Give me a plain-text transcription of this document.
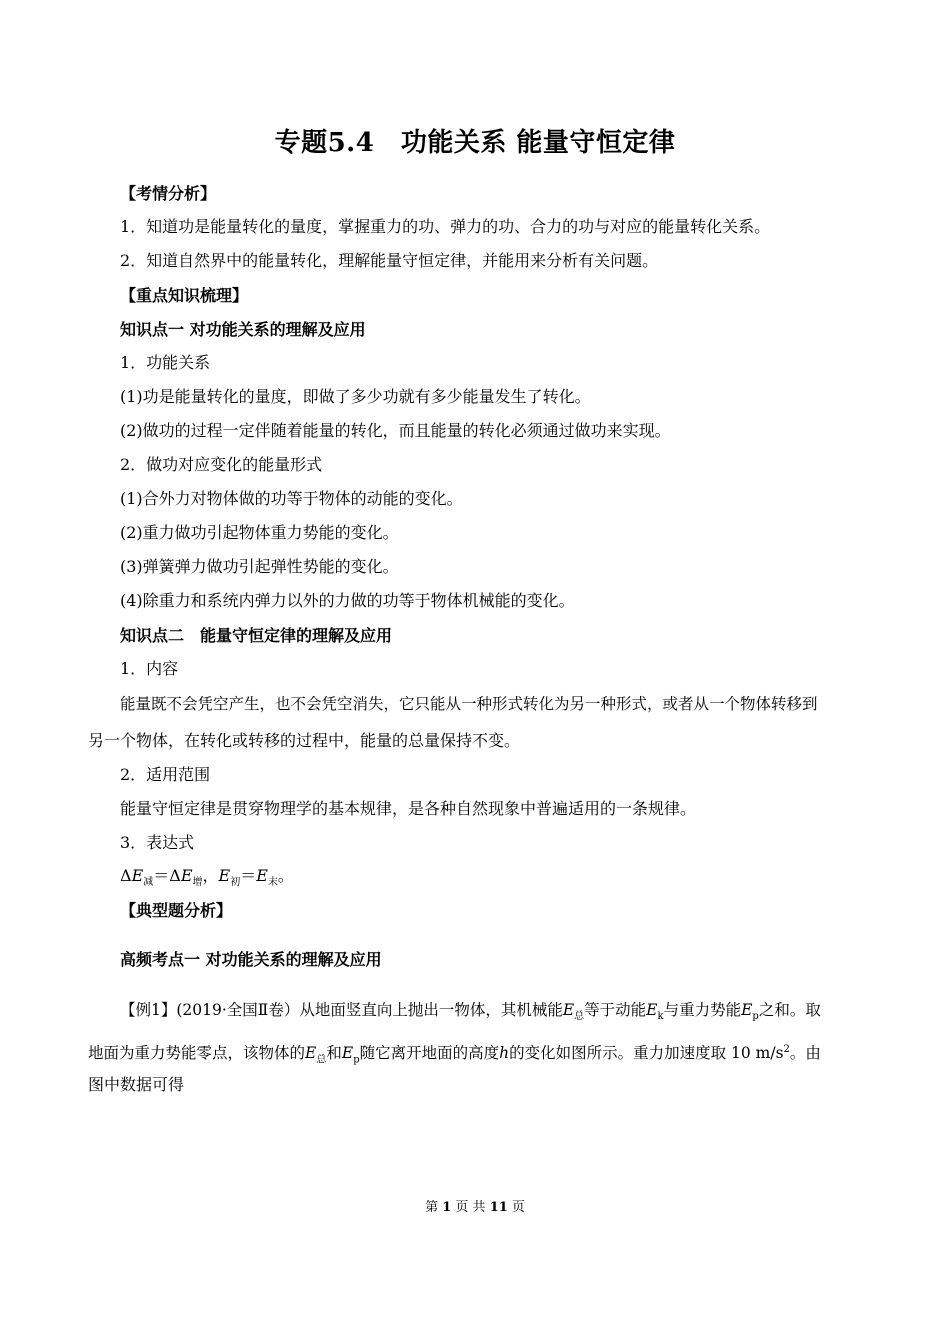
专题5.4　功能关系 能量守恒定律
【考情分析】
1．知道功是能量转化的量度，掌握重力的功、弹力的功、合力的功与对应的能量转化关系。
2．知道自然界中的能量转化，理解能量守恒定律，并能用来分析有关问题。
【重点知识梳理】
知识点一 对功能关系的理解及应用
1．功能关系
(1)功是能量转化的量度，即做了多少功就有多少能量发生了转化。
(2)做功的过程一定伴随着能量的转化，而且能量的转化必须通过做功来实现。
2．做功对应变化的能量形式
(1)合外力对物体做的功等于物体的动能的变化。
(2)重力做功引起物体重力势能的变化。
(3)弹簧弹力做功引起弹性势能的变化。
(4)除重力和系统内弹力以外的力做的功等于物体机械能的变化。
知识点二　能量守恒定律的理解及应用
1．内容
能量既不会凭空产生，也不会凭空消失，它只能从一种形式转化为另一种形式，或者从一个物体转移到
另一个物体，在转化或转移的过程中，能量的总量保持不变。
2．适用范围
能量守恒定律是贯穿物理学的基本规律，是各种自然现象中普遍适用的一条规律。
3．表达式
$\Delta E_减=\Delta E_增$，$E_初=E_末$。
【典型题分析】
高频考点一 对功能关系的理解及应用
【例1】(2019·全国Ⅱ卷）从地面竖直向上抛出一物体，其机械能$E_总$等于动能$E_k$与重力势能$E_p$之和。取
地面为重力势能零点，该物体的$E_总$和$E_p$随它离开地面的高度h的变化如图所示。重力加速度取 10 $m/s^2$。由
图中数据可得
第 1 页 共 11 页
